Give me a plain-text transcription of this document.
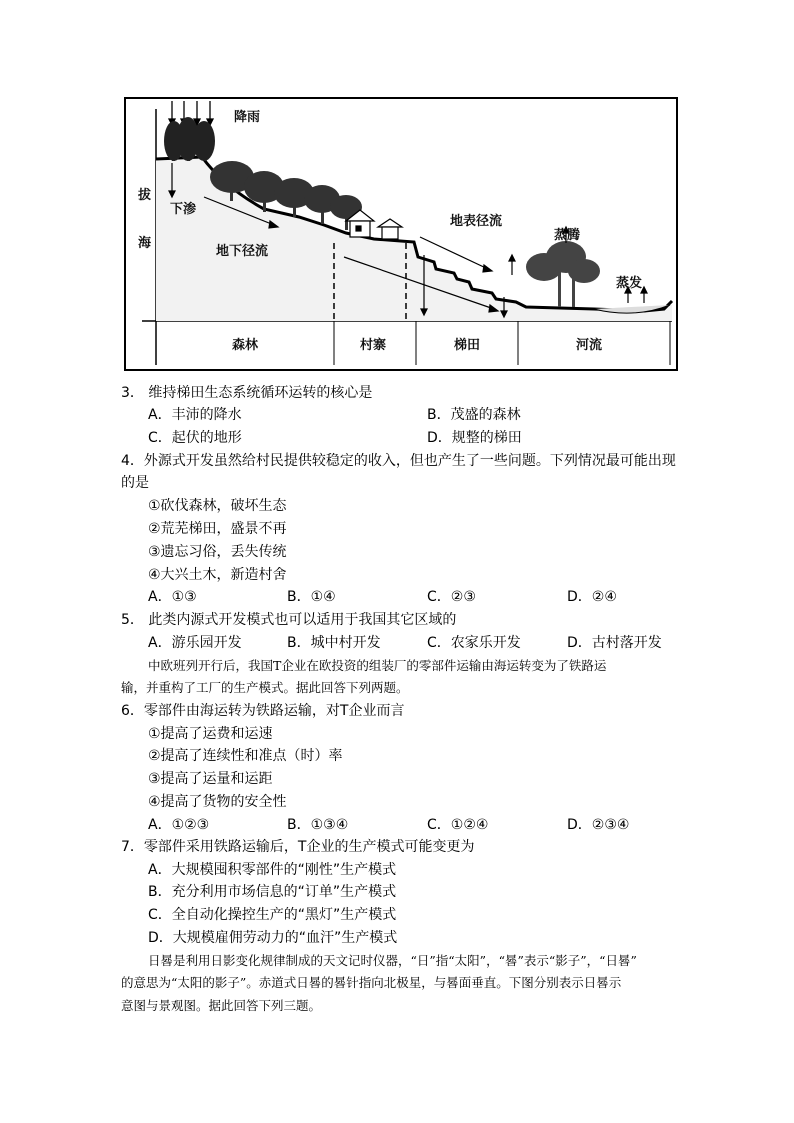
降雨
拔
海
下渗
地下径流
地表径流
蒸腾
蒸发
森林	村寨	梯田	河流
3． 维持梯田生态系统循环运转的核心是
A．丰沛的降水	B．茂盛的森林
C．起伏的地形	D．规整的梯田
4．外源式开发虽然给村民提供较稳定的收入，但也产生了一些问题。下列情况最可能出现
的是
①砍伐森林，破坏生态
②荒芜梯田，盛景不再
③遗忘习俗，丢失传统
④大兴土木，新造村舍
A．①③	B．①④	C．②③	D．②④
5． 此类内源式开发模式也可以适用于我国其它区域的
A．游乐园开发	B．城中村开发	C．农家乐开发	D．古村落开发
中欧班列开行后，我国T企业在欧投资的组装厂的零部件运输由海运转变为了铁路运
输，并重构了工厂的生产模式。据此回答下列两题。
6．零部件由海运转为铁路运输，对T企业而言
①提高了运费和运速
②提高了连续性和准点（时）率
③提高了运量和运距
④提高了货物的安全性
A．①②③	B．①③④	C．①②④	D．②③④
7．零部件采用铁路运输后，T企业的生产模式可能变更为
A．大规模囤积零部件的“刚性”生产模式
B．充分利用市场信息的“订单”生产模式
C．全自动化操控生产的“黑灯”生产模式
D．大规模雇佣劳动力的“血汗”生产模式
日晷是利用日影变化规律制成的天文记时仪器，“日”指“太阳”，“晷”表示“影子”，“日晷”
的意思为“太阳的影子”。赤道式日晷的晷针指向北极星，与晷面垂直。下图分别表示日晷示
意图与景观图。据此回答下列三题。
